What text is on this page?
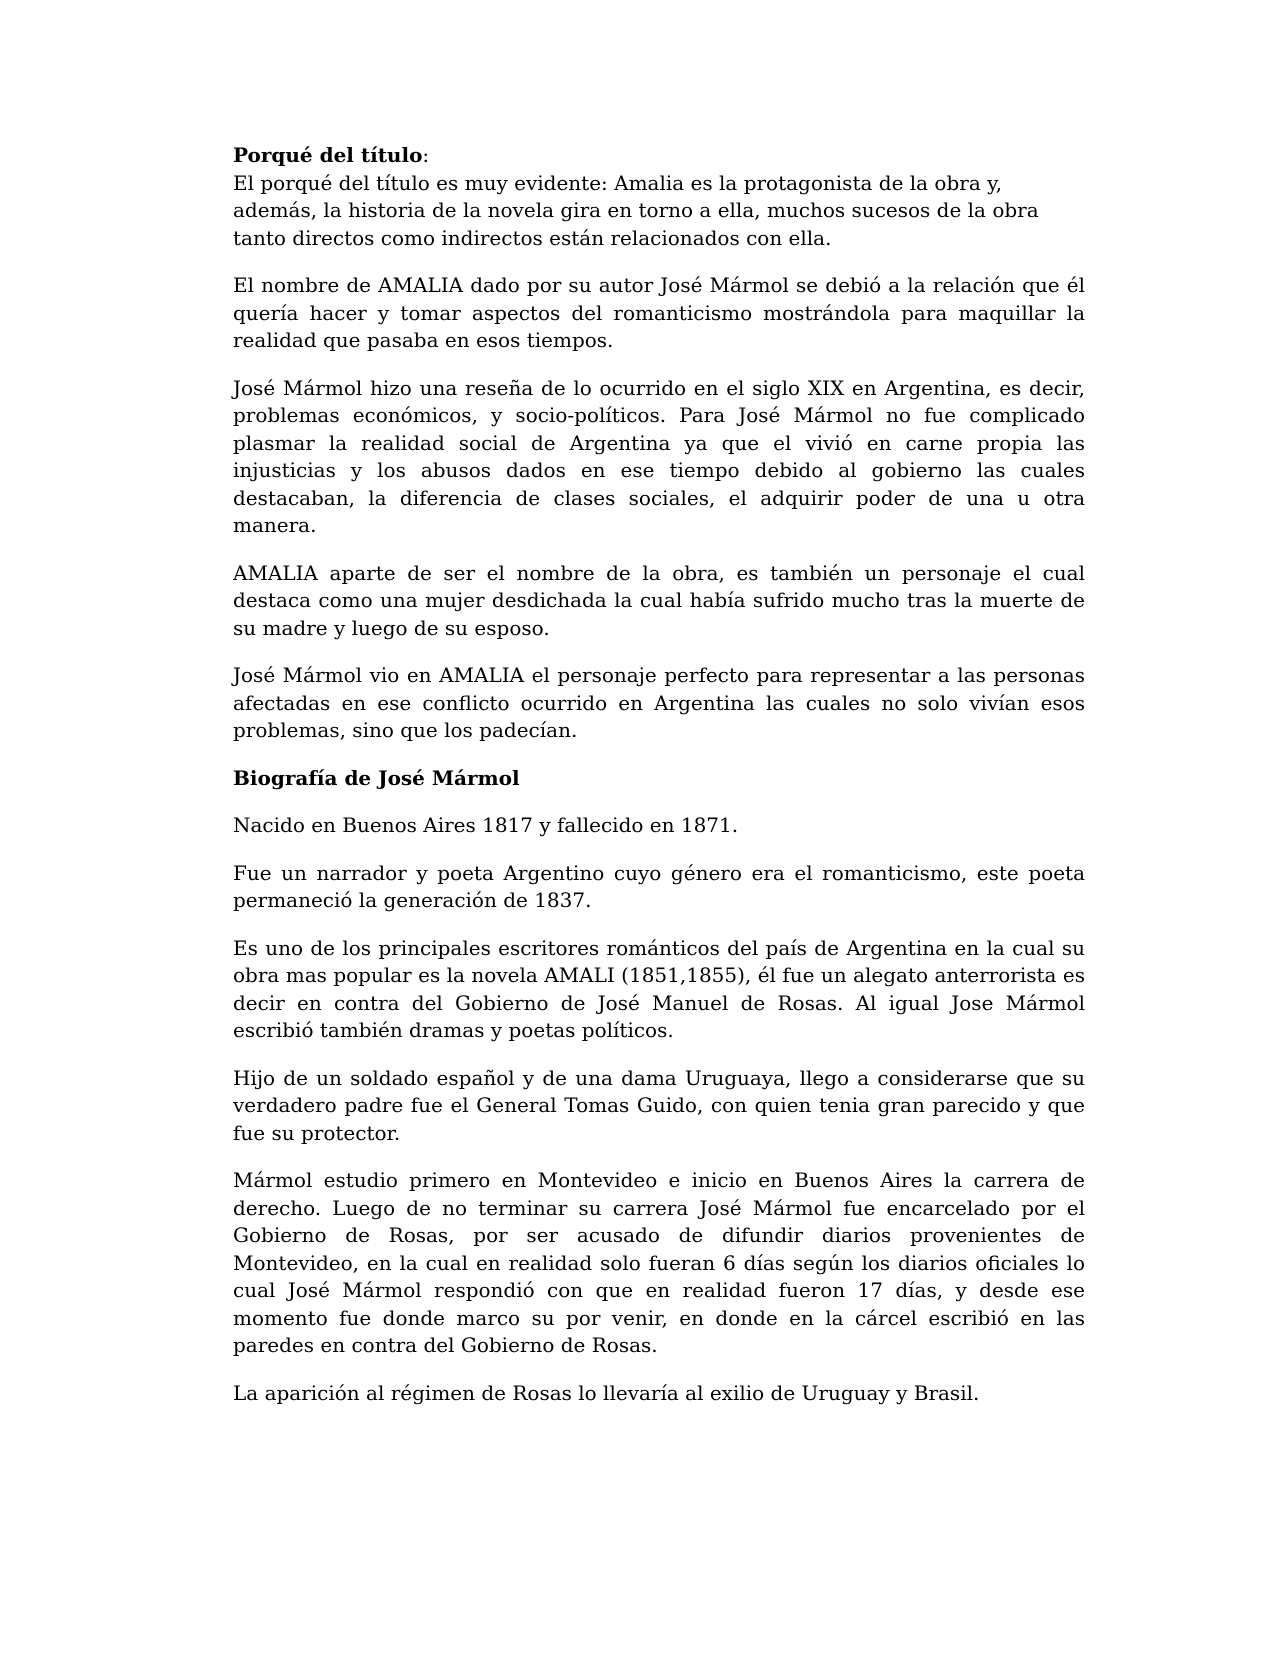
Porqué del título:

El porqué del título es muy evidente: Amalia es la protagonista de la obra y, además, la historia de la novela gira en torno a ella, muchos sucesos de la obra tanto directos como indirectos están relacionados con ella.

El nombre de AMALIA dado por su autor José Mármol se debió a la relación que él quería hacer y tomar aspectos del romanticismo mostrándola para maquillar la realidad que pasaba en esos tiempos.

José Mármol hizo una reseña de lo ocurrido en el siglo XIX en Argentina, es decir, problemas económicos, y socio-políticos. Para José Mármol no fue complicado plasmar la realidad social de Argentina ya que el vivió en carne propia las injusticias y los abusos dados en ese tiempo debido al gobierno las cuales destacaban, la diferencia de clases sociales, el adquirir poder de una u otra manera.

AMALIA aparte de ser el nombre de la obra, es también un personaje el cual destaca como una mujer desdichada la cual había sufrido mucho tras la muerte de su madre y luego de su esposo.

José Mármol vio en AMALIA el personaje perfecto para representar a las personas afectadas en ese conflicto ocurrido en Argentina las cuales no solo vivían esos problemas, sino que los padecían.

Biografía de José Mármol

Nacido en Buenos Aires 1817 y fallecido en 1871.

Fue un narrador y poeta Argentino cuyo género era el romanticismo, este poeta permaneció la generación de 1837.

Es uno de los principales escritores románticos del país de Argentina en la cual su obra mas popular es la novela AMALI (1851,1855), él fue un alegato anterrorista es decir en contra del Gobierno de José Manuel de Rosas. Al igual Jose Mármol escribió también dramas y poetas políticos.

Hijo de un soldado español y de una dama Uruguaya, llego a considerarse que su verdadero padre fue el General Tomas Guido, con quien tenia gran parecido y que fue su protector.

Mármol estudio primero en Montevideo e inicio en Buenos Aires la carrera de derecho. Luego de no terminar su carrera José Mármol fue encarcelado por el Gobierno de Rosas, por ser acusado de difundir diarios provenientes de Montevideo, en la cual en realidad solo fueran 6 días según los diarios oficiales lo cual José Mármol respondió con que en realidad fueron 17 días, y desde ese momento fue donde marco su por venir, en donde en la cárcel escribió en las paredes en contra del Gobierno de Rosas.

La aparición al régimen de Rosas lo llevaría al exilio de Uruguay y Brasil.
